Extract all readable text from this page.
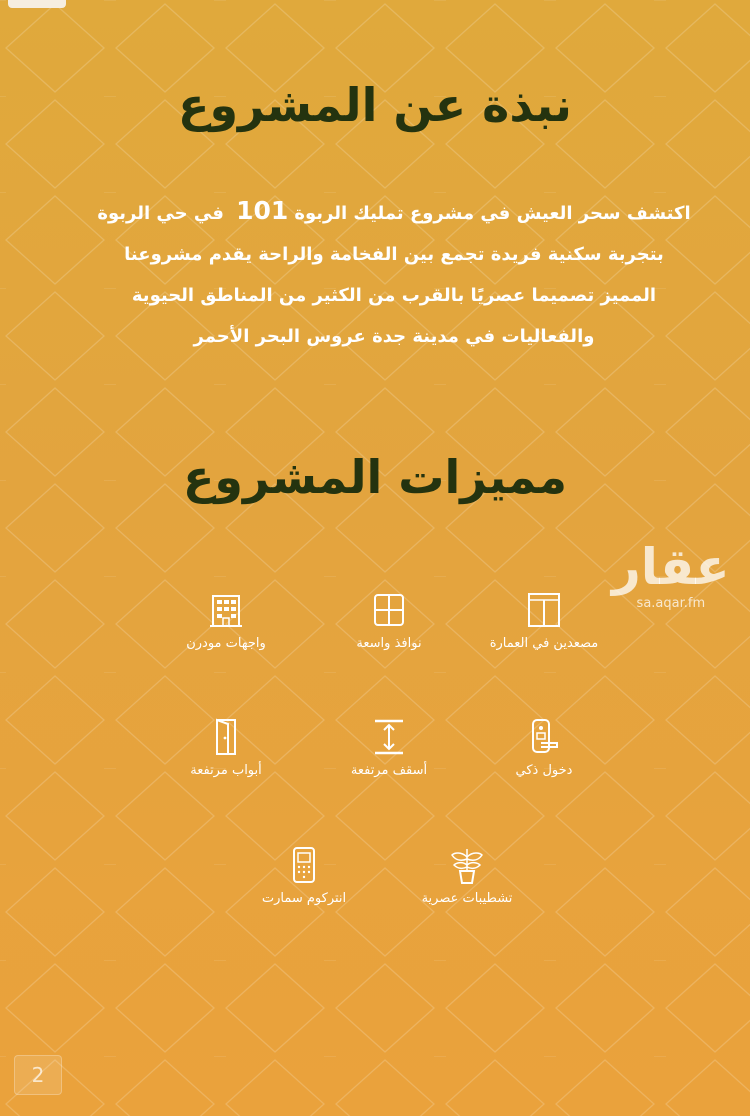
نبذة عن المشروع
اكتشف سحر العيش في مشروع تمليك الربوة101 في حي الربوة
بتجربة سكنية فريدة تجمع بين الفخامة والراحة يقدم مشروعنا
المميز تصميما عصريًا بالقرب من الكثير من المناطق الحيوية
والفعاليات في مدينة جدة عروس البحر الأحمر
مميزات المشروع
عقار
sa.aqar.fm
مصعدين في العمارة
نوافذ واسعة
واجهات مودرن
دخول ذكي
أسقف مرتفعة
أبواب مرتفعة
تشطيبات عصرية
انتركوم سمارت
2
